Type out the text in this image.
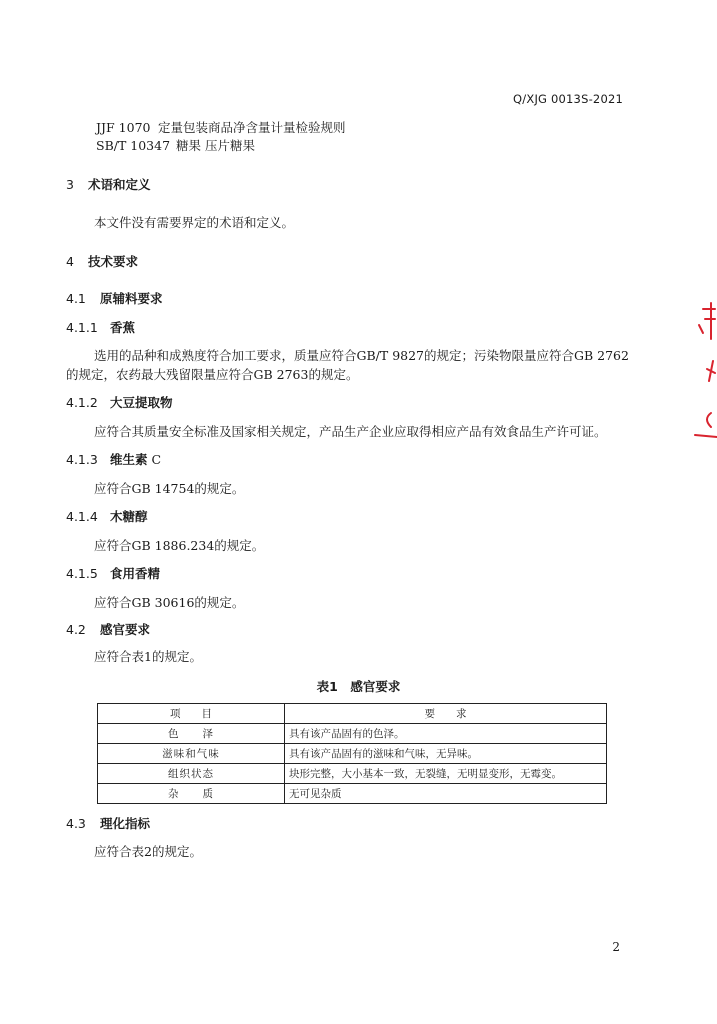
Q/XJG 0013S-2021
JJF 1070 定量包装商品净含量计量检验规则
SB/T 10347 糖果 压片糖果
3 术语和定义
本文件没有需要界定的术语和定义。
4 技术要求
4.1 原辅料要求
4.1.1 香蕉
选用的品种和成熟度符合加工要求，质量应符合GB/T 9827的规定；污染物限量应符合GB 2762的规定，农药最大残留限量应符合GB 2763的规定。
4.1.2 大豆提取物
应符合其质量安全标准及国家相关规定，产品生产企业应取得相应产品有效食品生产许可证。
4.1.3 维生素 C
应符合GB 14754的规定。
4.1.4 木糖醇
应符合GB 1886.234的规定。
4.1.5 食用香精
应符合GB 30616的规定。
4.2 感官要求
应符合表1的规定。
表1　感官要求
项　　目	要　　求
色　　泽	具有该产品固有的色泽。
滋味和气味	具有该产品固有的滋味和气味，无异味。
组织状态	块形完整，大小基本一致，无裂缝，无明显变形，无霉变。
杂　　质	无可见杂质
4.3 理化指标
应符合表2的规定。
2
